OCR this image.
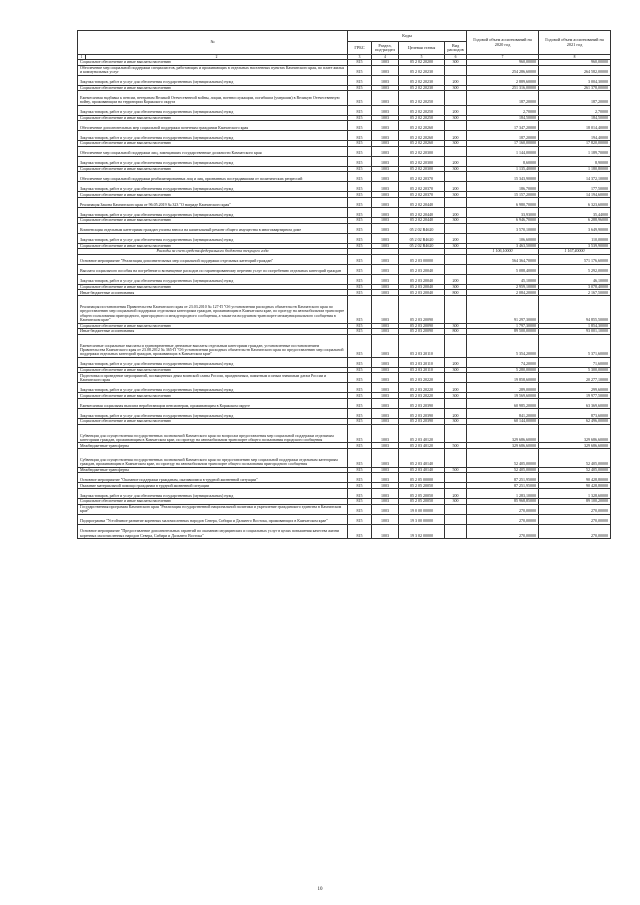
№		Коды				Годовой объем ассигнований на 2020 год	Годовой объем ассигнований на 2021 год
		ГРБС	Раздел, под-раздел	Целевая статья	Вид расходов		
1	2	3	4	5	6	7	8
Социальное обеспечение и иные выплаты населению		815	1003	05 2 02 20200	300	960,00000	960,00000
Обеспечение мер социальной поддержки специалистов, работающих и проживающих в отдельных населенных пунктах Камчатского края, по плате жилья и коммунальных услуг		815	1003	05 2 02 20230		254 286,60000	264 582,00000
Закупка товаров, работ и услуг для обеспечения государственных (муниципальных) нужд		815	1003	05 2 02 20230	200	2 889,60000	3 004,30000
Социальное обеспечение и иные выплаты населению		815	1003	05 2 02 20230	300	251 316,00000	261 378,00000
Ежемесячная надбавка к пенсии, ветеранам Великой Отечественной войны, лицам, военнослужащим, погибшим (умершим) в Великую Отечественную войну, проживающим на территории Корякского округа		815	1003	05 2 02 20250		187,20000	187,20000
Закупка товаров, работ и услуг для обеспечения государственных (муниципальных) нужд		815	1003	05 2 02 20250	200	2,70000	2,70000
Социальное обеспечение и иные выплаты населению		815	1003	05 2 02 20250	300	184,50000	184,50000
Обеспечение дополнительных мер социальной поддержки почетным гражданам Камчатского края		815	1003	05 2 02 20260		17 347,20000	18 014,40000
Закупка товаров, работ и услуг для обеспечения государственных (муниципальных) нужд		815	1003	05 2 02 20260	200	187,20000	194,40000
Социальное обеспечение и иные выплаты населению		815	1003	05 2 02 20260	300	17 160,00000	17 820,00000
Обеспечение мер социальной поддержки лиц, замещавших государственные должности Камчатского края		815	1003	05 2 02 20300		1 144,00000	1 189,70000
Закупка товаров, работ и услуг для обеспечения государственных (муниципальных) нужд		815	1003	05 2 02 20300	200	8,60000	8,90000
Социальное обеспечение и иные выплаты населению		815	1003	05 2 02 20300	300	1 135,40000	1 180,80000
Обеспечение мер социальной поддержки реабилитированных лиц и лиц, признанных пострадавшими от политических репрессий		815	1003	05 2 02 20370		15 343,90000	14 372,10000
Закупка товаров, работ и услуг для обеспечения государственных (муниципальных) нужд		815	1003	05 2 02 20370	200	186,70000	177,50000
Социальное обеспечение и иные выплаты населению		815	1003	05 2 02 20370	300	15 157,20000	14 194,60000
Реализация Закона Камчатского края от 96.05.2019 № 323 "О награде Камчатского края"		815	1003	05 2 02 20440		6 980,70000	6 323,60000
Закупка товаров, работ и услуг для обеспечения государственных (муниципальных) нужд		815	1003	05 2 02 20440	200	33,93000	35,44000
Социальное обеспечение и иные выплаты населению		815	1003	05 2 02 20440	300	6 946,70000	6 288,96000
Компенсация отдельным категориям граждан уплаты взноса на капитальный ремонт общего имущества в многоквартирном доме		815	1003	05 2 02 R4620		3 570,10000	3 649,90000
Закупка товаров, работ и услуг для обеспечения государственных (муниципальных) нужд		815	1003	05 2 02 R4620	200	106,60000	110,00000
Социальное обеспечение и иные выплаты населению		815	1003	05 2 02 R4620	300	3 463,50000	3 539,90000
Расходы за счет средств федерального бюджета текущего года						1 106,10000	1 167,40000
Основное мероприятие "Реализация дополнительных мер социальной поддержки отдельных категорий граждан"		815	1003	05 2 03 00000		564 364,70000	571 176,60000
Выплата социального пособия на погребение и возмещение расходов по гарантированному перечню услуг по погребению отдельных категорий граждан		815	1003	05 2 03 20040		5 088,40000	5 292,00000
Закупка товаров, работ и услуг для обеспечения государственных (муниципальных) нужд		815	1003	05 2 03 20040	200	45,10000	46,10000
Социальное обеспечение и иные выплаты населению		815	1003	05 2 03 20040	300	2 959,10000	3 078,40000
Иные бюджетные ассигнования		815	1003	05 2 03 20040	800	2 084,20000	2 167,50000
Реализация постановления Правительства Камчатского края от 23.03.2010 № 127-П "Об установлении расходных обязательств Камчатского края по предоставлению мер социальной поддержки отдельным категориям граждан, проживающим в Камчатском крае, по проезду на автомобильном транспорте общего пользования пригородного, пригородного и междугородного сообщения, а также на воздушном транспорте межмуниципального сообщения в Камчатском крае"		815	1003	05 2 03 20090		91 297,30000	94 855,50000
Социальное обеспечение и иные выплаты населению		815	1003	05 2 03 20090	300	1 797,30000	1 854,30000
Иные бюджетные ассигнования		815	1003	05 2 03 20090	800	89 500,00000	93 001,10000
Ежемесячные социальные выплаты и единовременные денежные выплаты отдельным категориям граждан, установленные постановлением Правительства Камчатского края от 23.08.2012 № 365-П "Об установлении расходных обязательств Камчатского края по предоставлению мер социальной поддержки отдельных категорий граждан, проживающих в Камчатском крае"		815	1003	05 2 03 20110		5 354,20000	5 371,60000
Закупка товаров, работ и услуг для обеспечения государственных (муниципальных) нужд		815	1003	05 2 03 20110	200	74,20000	71,60000
Социальное обеспечение и иные выплаты населению		815	1003	05 2 03 20110	300	5 280,00000	5 300,00000
Подготовка и проведение мероприятий, посвященных дням воинской славы России, праздничным, памятным и иным значимым датам России и Камчатского края		815	1003	05 2 03 20220		19 858,60000	20 277,10000
Закупка товаров, работ и услуг для обеспечения государственных (муниципальных) нужд		815	1003	05 2 03 20220	200	289,00000	299,60000
Социальное обеспечение и иные выплаты населению		815	1003	05 2 03 20220	300	19 569,60000	19 977,50000
Ежемесячная социальная выплата неработающим пенсионерам, проживающим в Корякском округе		815	1003	05 2 03 20390		60 985,20000	63 369,60000
Закупка товаров, работ и услуг для обеспечения государственных (муниципальных) нужд		815	1003	05 2 03 20390	200	841,20000	873,60000
Социальное обеспечение и иные выплаты населению		815	1003	05 2 03 20390	300	60 144,00000	62 496,00000
Субвенции для осуществления государственных полномочий Камчатского края по вопросам предоставления мер социальной поддержки отдельным категориям граждан, проживающим в Камчатском крае, по проезду на автомобильном транспорте общего пользования городского сообщения		815	1003	05 2 03 40120		329 686,60000	329 686,60000
Межбюджетные трансферты		815	1003	05 2 03 40120	500	329 686,60000	329 686,60000
Субвенции для осуществления государственных полномочий Камчатского края по предоставлению мер социальной поддержки отдельным категориям граждан, проживающим в Камчатском крае, по проезду на автомобильном транспорте общего пользования пригородного сообщения		815	1003	05 2 03 40140		52 405,00000	52 405,00000
Межбюджетные трансферты		815	1003	05 2 03 40140	500	52 405,00000	52 405,00000
Основное мероприятие "Оказание поддержки гражданам, оказавшимся в трудной жизненной ситуации"		815	1003	05 2 05 00000		87 251,95000	90 428,80000
Оказание материальной помощи гражданам в трудной жизненной ситуации		815	1003	05 2 05 20050		87 251,95000	90 428,80000
Закупка товаров, работ и услуг для обеспечения государственных (муниципальных) нужд		815	1003	05 2 05 20050	200	1 283,10000	1 328,60000
Социальное обеспечение и иные выплаты населению		815	1003	05 2 05 20050	300	85 968,85000	89 100,20000
Государственная программа Камчатского края "Реализация государственной национальной политики и укрепление гражданского единства в Камчатском крае"		815	1003	19 0 00 00000		270,00000	270,00000
Подпрограмма "Устойчивое развитие коренных малочисленных народов Севера, Сибири и Дальнего Востока, проживающих в Камчатском крае"		815	1003	19 3 00 00000		270,00000	270,00000
Основное мероприятие "Предоставление дополнительных гарантий по оказанию медицинских и социальных услуг в целях повышения качества жизни коренных малочисленных народов Севера, Сибири и Дальнего Востока"		815	1003	19 3 02 00000		270,00000	270,00000
10
